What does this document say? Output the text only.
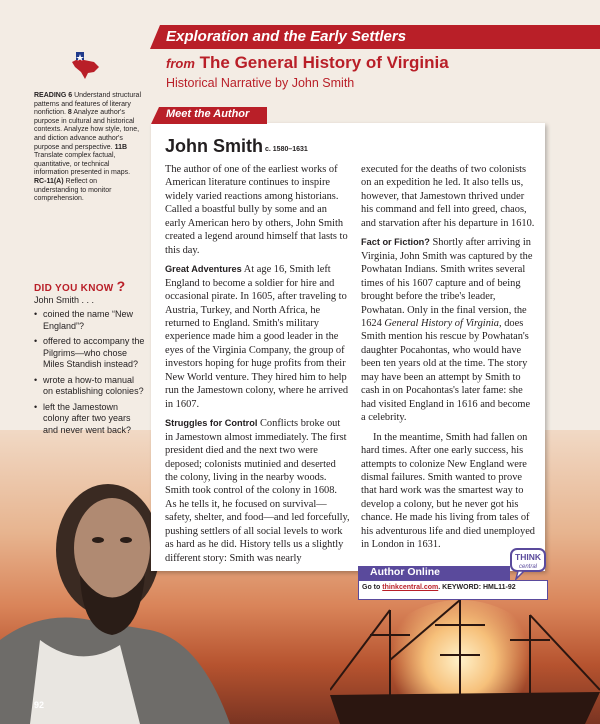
Exploration and the Early Settlers
from The General History of Virginia
Historical Narrative by John Smith
READING 6 Understand structural patterns and features of literary nonfiction. 8 Analyze author's purpose in cultural and historical contexts. Analyze how style, tone, and diction advance author's purpose and perspective. 11B Translate complex factual, quantitative, or technical information presented in maps. RC-11(A) Reflect on understanding to monitor comprehension.
DID YOU KNOW ?
John Smith . . .
• coined the name “New England”?
• offered to accompany the Pilgrims—who chose Miles Standish instead?
• wrote a how-to manual on establishing colonies?
• left the Jamestown colony after two years and never went back?
Meet the Author
John Smith c. 1580–1631

The author of one of the earliest works of American literature continues to inspire widely varied reactions among historians. Called a boastful bully by some and an early American hero by others, John Smith created a legend around himself that lasts to this day.

Great Adventures At age 16, Smith left England to become a soldier for hire and occasional pirate. In 1605, after traveling to Austria, Turkey, and North Africa, he returned to England. Smith's military experience made him a good leader in the eyes of the Virginia Company, the group of investors hoping for huge profits from their New World venture. They hired him to help run the Jamestown colony, where he arrived in 1607.

Struggles for Control Conflicts broke out in Jamestown almost immediately. The first president died and the next two were deposed; colonists mutinied and deserted the colony, living in the nearby woods. Smith took control of the colony in 1608. As he tells it, he focused on survival—safety, shelter, and food—and led forcefully, pushing settlers of all social levels to work as hard as he did. History tells us a slightly different story: Smith was nearly

executed for the deaths of two colonists on an expedition he led. It also tells us, however, that Jamestown thrived under his command and fell into greed, chaos, and starvation after his departure in 1610.

Fact or Fiction? Shortly after arriving in Virginia, John Smith was captured by the Powhatan Indians. Smith writes several times of his 1607 capture and of being brought before the tribe's leader, Powhatan. Only in the final version, the 1624 General History of Virginia, does Smith mention his rescue by Powhatan's daughter Pocahontas, who would have been ten years old at the time. The story may have been an attempt by Smith to cash in on Pocahontas's later fame: she had visited England in 1616 and become a celebrity.

In the meantime, Smith had fallen on hard times. After one early success, his attempts to colonize New England were dismal failures. Smith wanted to prove that hard work was the smartest way to develop a colony, but he never got his chance. He made his living from tales of his adventurous life and died unemployed in London in 1631.

Author Online
Go to thinkcentral.com. KEYWORD: HML11-92
THINK
central
92
